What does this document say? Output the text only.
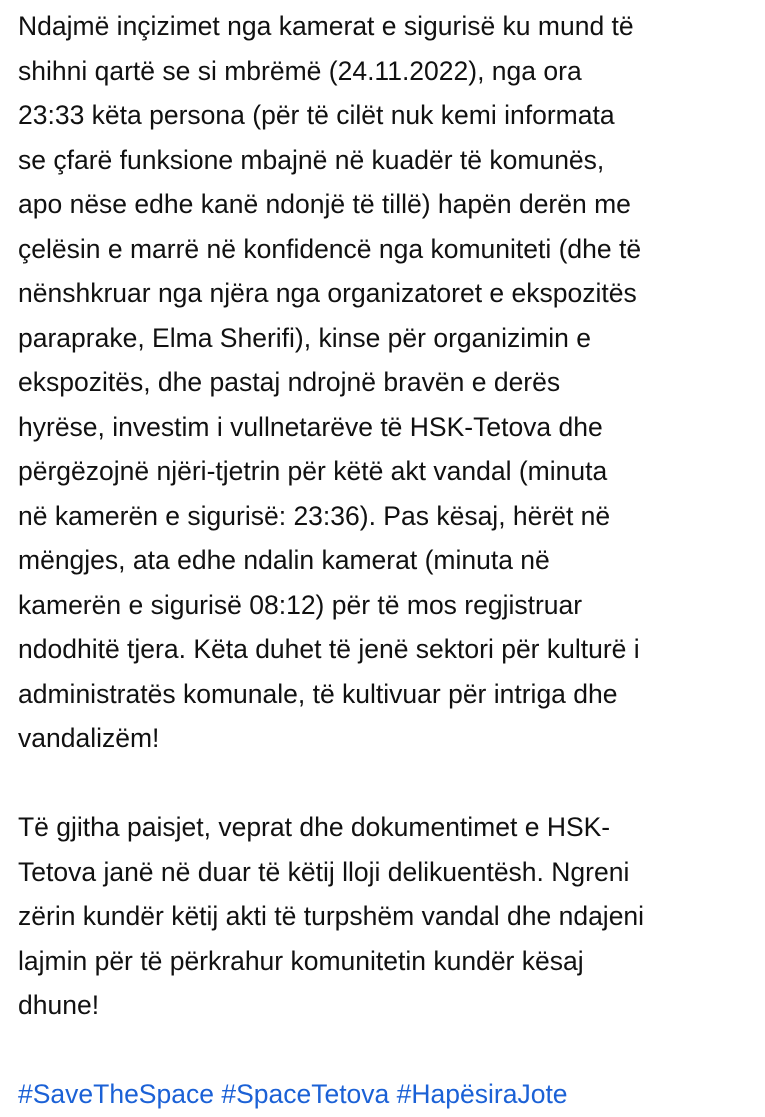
Ndajmë inçizimet nga kamerat e sigurisë ku mund të
shihni qartë se si mbrëmë (24.11.2022), nga ora
23:33 këta persona (për të cilët nuk kemi informata
se çfarë funksione mbajnë në kuadër të komunës,
apo nëse edhe kanë ndonjë të tillë) hapën derën me
çelësin e marrë në konfidencë nga komuniteti (dhe të
nënshkruar nga njëra nga organizatoret e ekspozitës
paraprake, Elma Sherifi), kinse për organizimin e
ekspozitës, dhe pastaj ndrojnë bravën e derës
hyrëse, investim i vullnetarëve të HSK-Tetova dhe
përgëzojnë njëri-tjetrin për këtë akt vandal (minuta
në kamerën e sigurisë: 23:36). Pas kësaj, hërët në
mëngjes, ata edhe ndalin kamerat (minuta në
kamerën e sigurisë 08:12) për të mos regjistruar
ndodhitë tjera. Këta duhet të jenë sektori për kulturë i
administratës komunale, të kultivuar për intriga dhe
vandalizëm!
Të gjitha paisjet, veprat dhe dokumentimet e HSK-
Tetova janë në duar të këtij lloji delikuentësh. Ngreni
zërin kundër këtij akti të turpshëm vandal dhe ndajeni
lajmin për të përkrahur komunitetin kundër kësaj
dhune!
#SaveTheSpace #SpaceTetova #HapësiraJote
